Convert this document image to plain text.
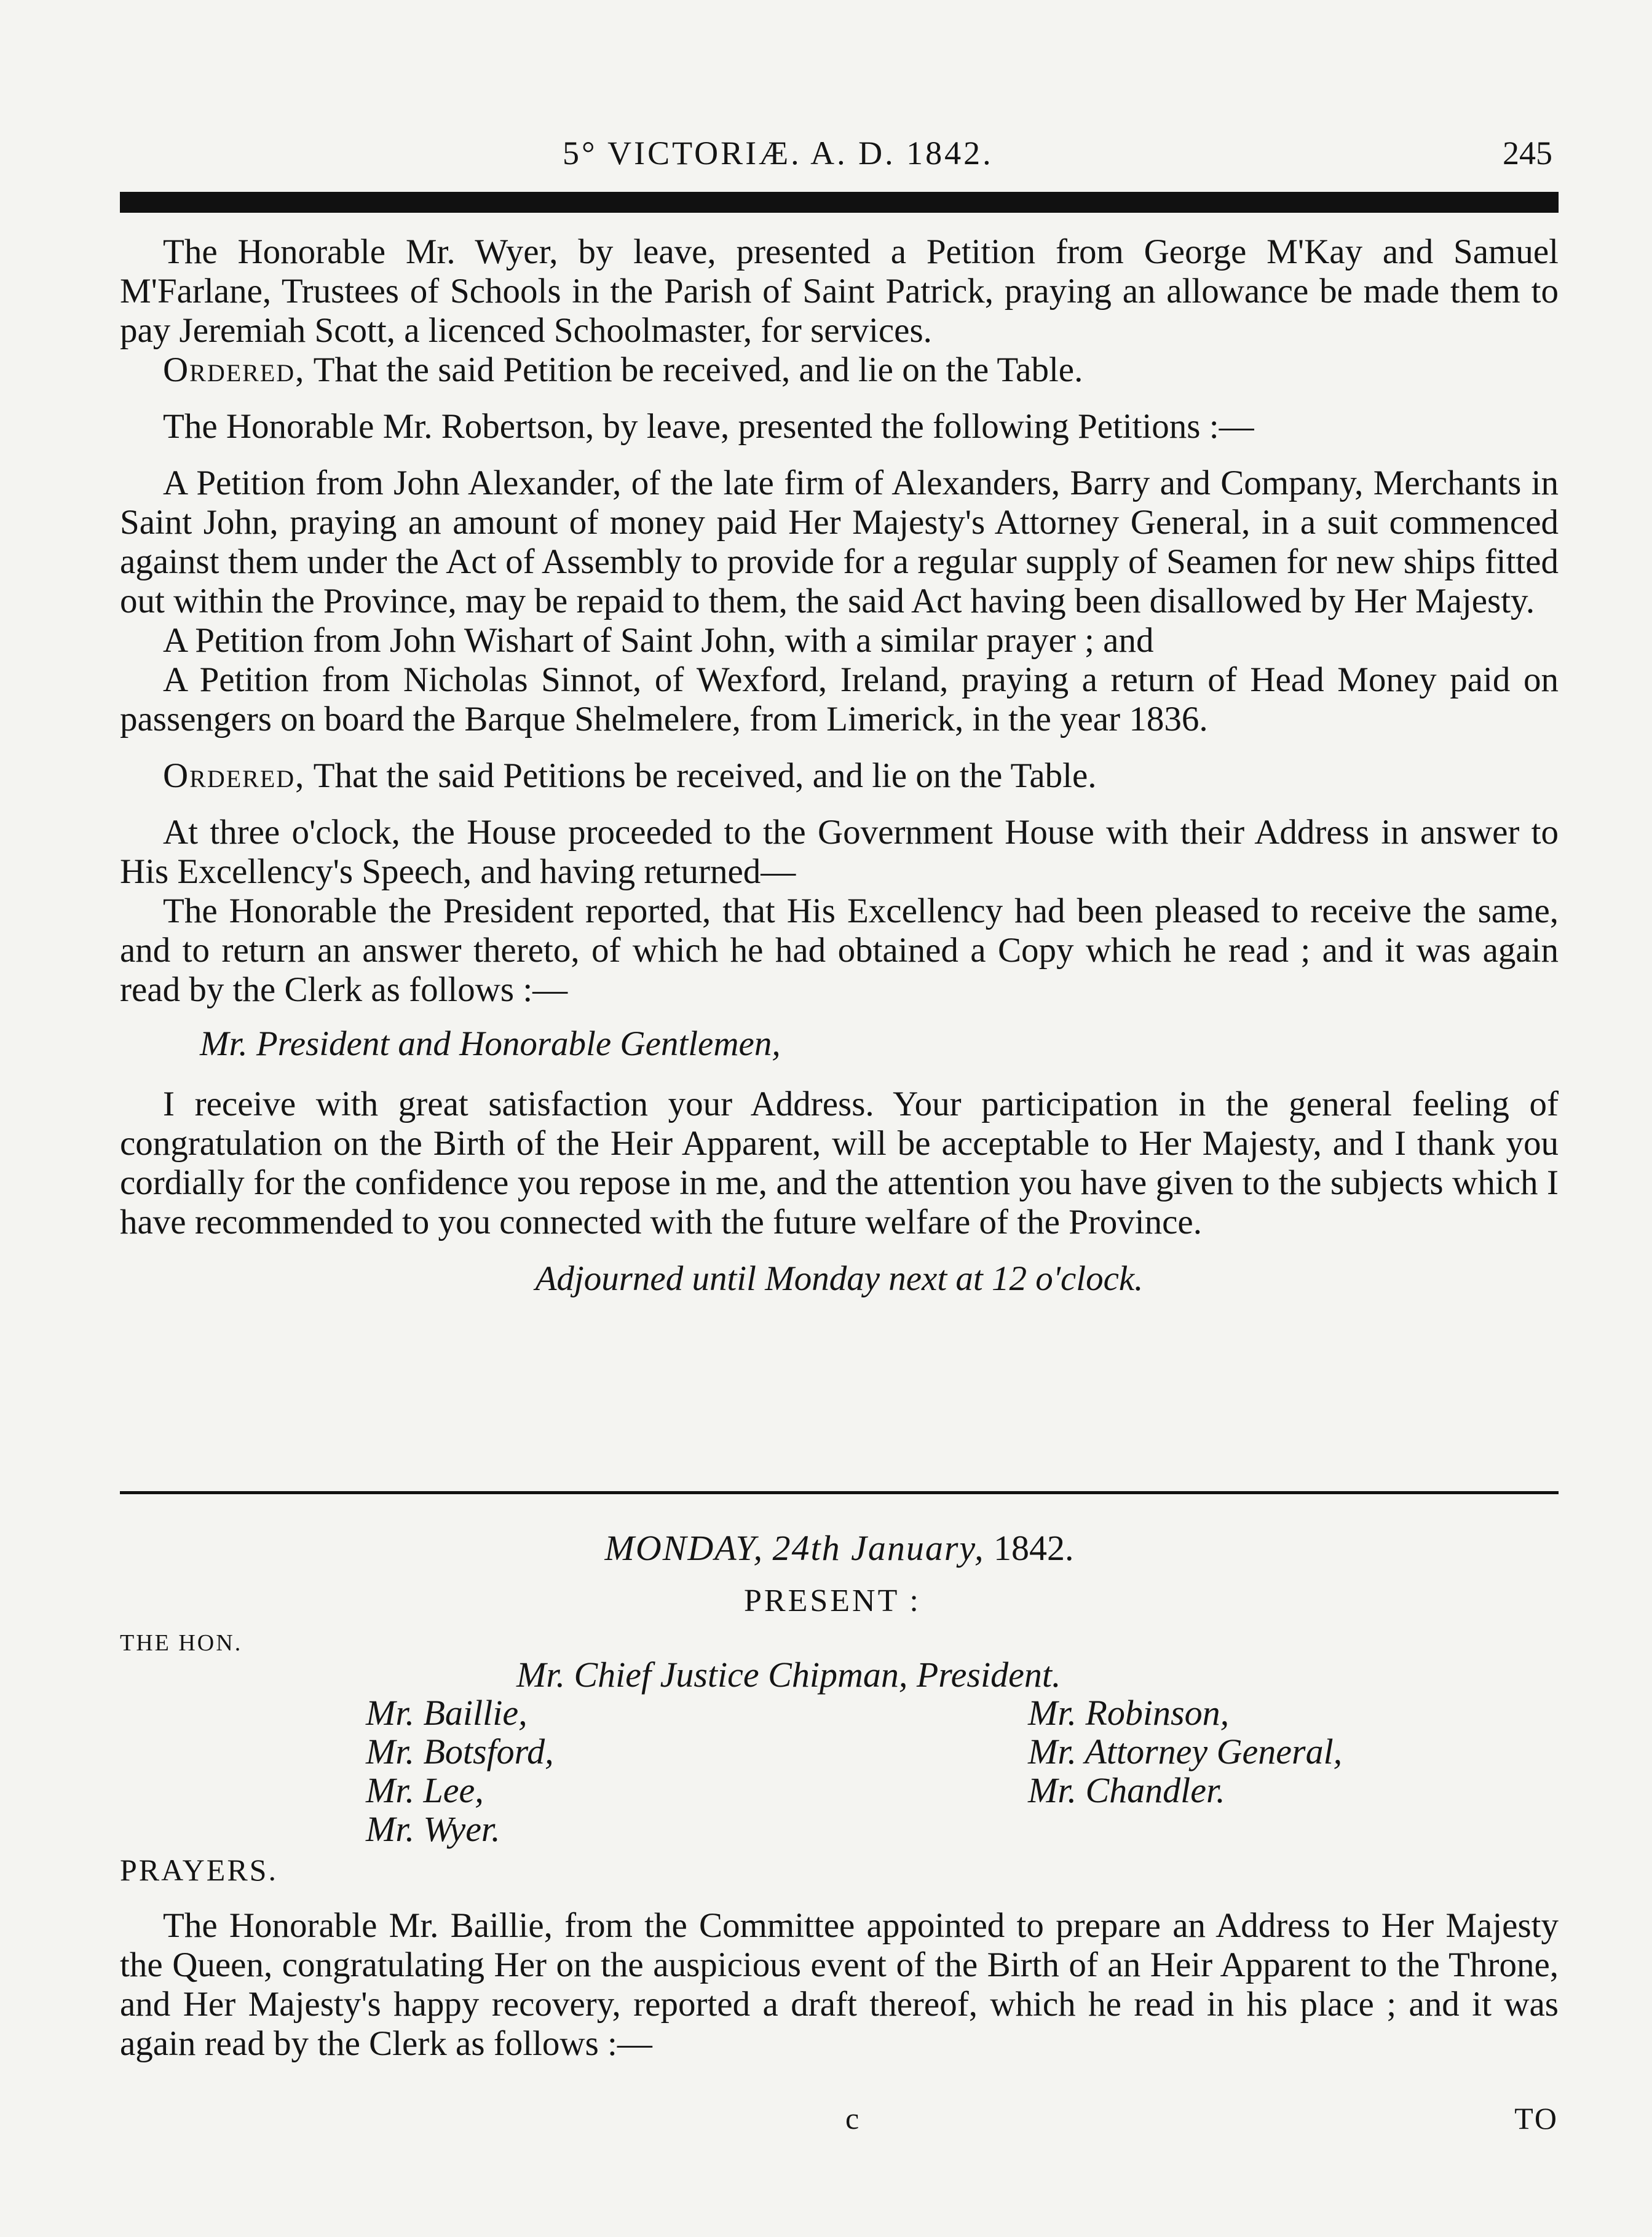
5° VICTORIÆ. A. D. 1842.	245

The Honorable Mr. Wyer, by leave, presented a Petition from George M'Kay and Samuel M'Farlane, Trustees of Schools in the Parish of Saint Patrick, praying an allowance be made them to pay Jeremiah Scott, a licenced Schoolmaster, for services.

Ordered, That the said Petition be received, and lie on the Table.

The Honorable Mr. Robertson, by leave, presented the following Petitions :—

A Petition from John Alexander, of the late firm of Alexanders, Barry and Company, Merchants in Saint John, praying an amount of money paid Her Majesty's Attorney General, in a suit commenced against them under the Act of Assembly to provide for a regular supply of Seamen for new ships fitted out within the Province, may be repaid to them, the said Act having been disallowed by Her Majesty.

A Petition from John Wishart of Saint John, with a similar prayer ; and

A Petition from Nicholas Sinnot, of Wexford, Ireland, praying a return of Head Money paid on passengers on board the Barque Shelmelere, from Limerick, in the year 1836.

Ordered, That the said Petitions be received, and lie on the Table.

At three o'clock, the House proceeded to the Government House with their Address in answer to His Excellency's Speech, and having returned—

The Honorable the President reported, that His Excellency had been pleased to receive the same, and to return an answer thereto, of which he had obtained a Copy which he read ; and it was again read by the Clerk as follows :—

Mr. President and Honorable Gentlemen,

I receive with great satisfaction your Address. Your participation in the general feeling of congratulation on the Birth of the Heir Apparent, will be acceptable to Her Majesty, and I thank you cordially for the confidence you repose in me, and the attention you have given to the subjects which I have recommended to you connected with the future welfare of the Province.

Adjourned until Monday next at 12 o'clock.

MONDAY, 24th January, 1842.
PRESENT :
THE HON.
Mr. Chief Justice Chipman, President.
Mr. Baillie,
Mr. Botsford,
Mr. Lee,
Mr. Wyer.
Mr. Robinson,
Mr. Attorney General,
Mr. Chandler.
PRAYERS.

The Honorable Mr. Baillie, from the Committee appointed to prepare an Address to Her Majesty the Queen, congratulating Her on the auspicious event of the Birth of an Heir Apparent to the Throne, and Her Majesty's happy recovery, reported a draft thereof, which he read in his place ; and it was again read by the Clerk as follows :—

c	TO
